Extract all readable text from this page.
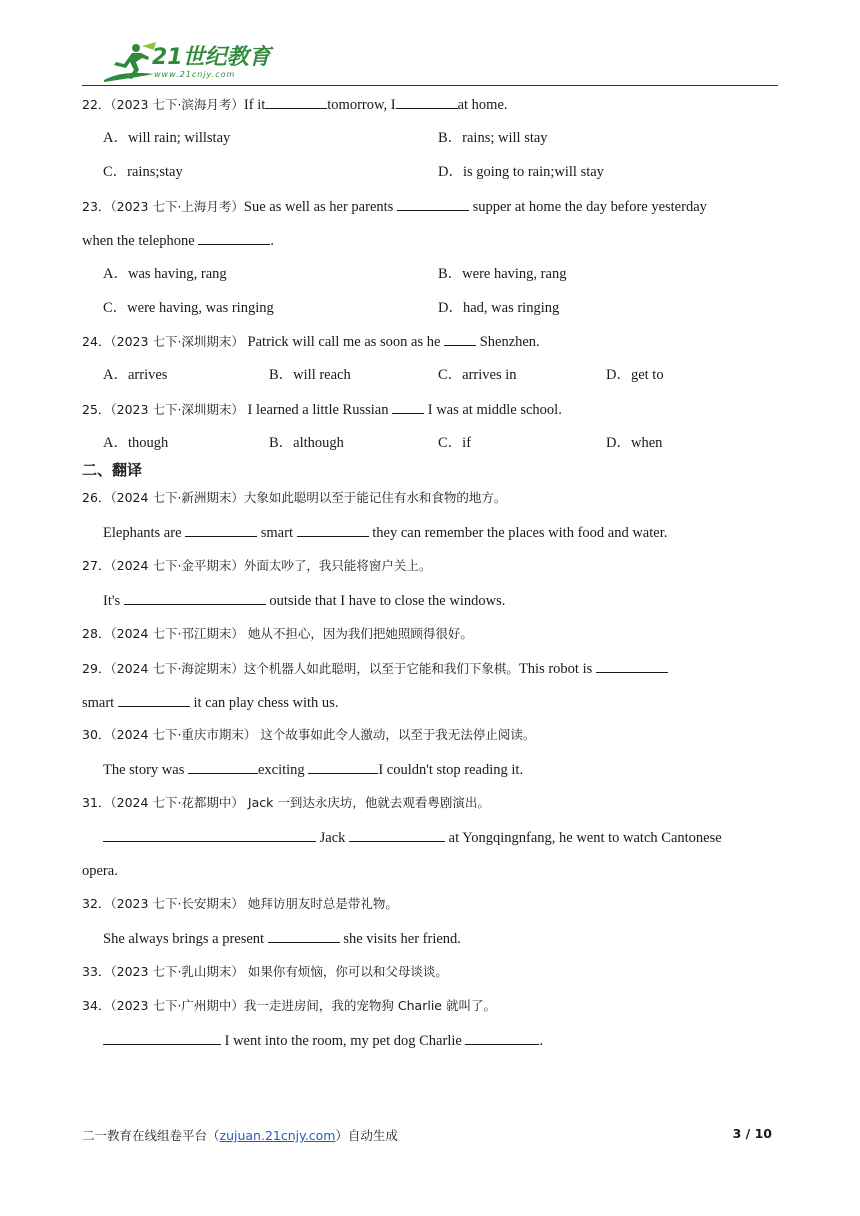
21世纪教育
www.21cnjy.com
22．（2023 七下·滨海月考）If it	tomorrow, I	at home.
A．will rain; willstay	B．rains; will stay
C．rains;stay	D．is going to rain;will stay
23．（2023 七下·上海月考）Sue as well as her parents	supper at home the day before yesterday
when the telephone	.
A．was having, rang	B．were having, rang
C．were having, was ringing	D．had, was ringing
24．（2023 七下·深圳期末） Patrick will call me as soon as he	Shenzhen.
A．arrives	B．will reach	C．arrives in	D．get to
25．（2023 七下·深圳期末） I learned a little Russian	I was at middle school.
A．though	B．although	C．if	D．when
二、翻译
26．（2024 七下·新洲期末）大象如此聪明以至于能记住有水和食物的地方。
Elephants are	smart	they can remember the places with food and water.
27．（2024 七下·金平期末）外面太吵了，我只能将窗户关上。
It's	outside that I have to close the windows.
28．（2024 七下·邗江期末） 她从不担心，因为我们把她照顾得很好。
29．（2024 七下·海淀期末）这个机器人如此聪明，以至于它能和我们下象棋。This robot is
smart	it can play chess with us.
30．（2024 七下·重庆市期末） 这个故事如此令人激动，以至于我无法停止阅读。
The story was	exciting	I couldn't stop reading it.
31．（2024 七下·花都期中） Jack 一到达永庆坊，他就去观看粤剧演出。
Jack	at Yongqingnfang, he went to watch Cantonese
opera.
32．（2023 七下·长安期末） 她拜访朋友时总是带礼物。
She always brings a present	she visits her friend.
33．（2023 七下·乳山期末） 如果你有烦恼，你可以和父母谈谈。
34．（2023 七下·广州期中）我一走进房间，我的宠物狗 Charlie 就叫了。
I went into the room, my pet dog Charlie	.
二一教育在线组卷平台（zujuan.21cnjy.com）自动生成	3 / 10
